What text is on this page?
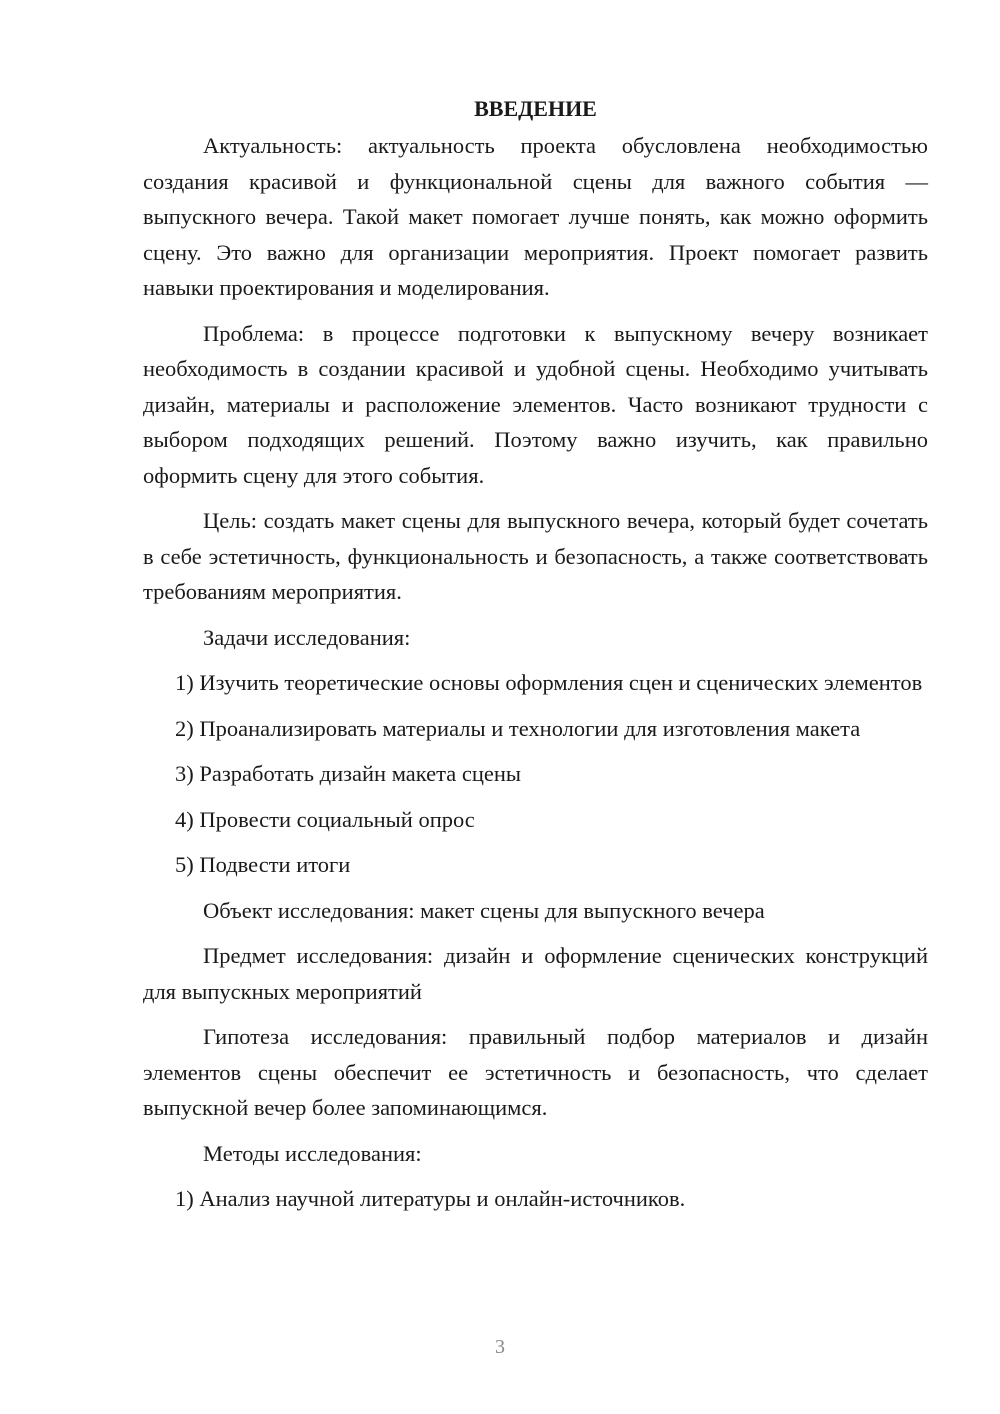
ВВЕДЕНИЕ

Актуальность: актуальность проекта обусловлена необходимостью создания красивой и функциональной сцены для важного события — выпускного вечера. Такой макет помогает лучше понять, как можно оформить сцену. Это важно для организации мероприятия. Проект помогает развить навыки проектирования и моделирования.

Проблема: в процессе подготовки к выпускному вечеру возникает необходимость в создании красивой и удобной сцены. Необходимо учитывать дизайн, материалы и расположение элементов. Часто возникают трудности с выбором подходящих решений. Поэтому важно изучить, как правильно оформить сцену для этого события.

Цель: создать макет сцены для выпускного вечера, который будет сочетать в себе эстетичность, функциональность и безопасность, а также соответствовать требованиям мероприятия.

Задачи исследования:

1) Изучить теоретические основы оформления сцен и сценических элементов

2) Проанализировать материалы и технологии для изготовления макета

3) Разработать дизайн макета сцены

4) Провести социальный опрос

5) Подвести итоги

Объект исследования: макет сцены для выпускного вечера

Предмет исследования: дизайн и оформление сценических конструкций для выпускных мероприятий

Гипотеза исследования: правильный подбор материалов и дизайн элементов сцены обеспечит ее эстетичность и безопасность, что сделает выпускной вечер более запоминающимся.

Методы исследования:

1) Анализ научной литературы и онлайн-источников.

3
